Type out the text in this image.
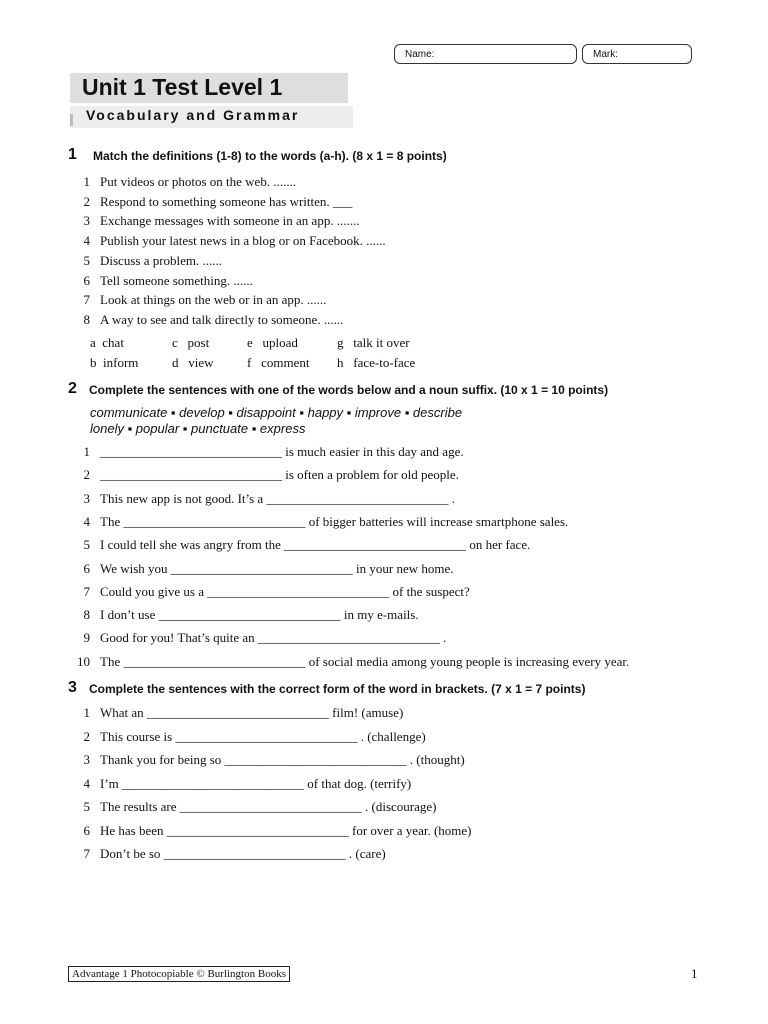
Name:	Mark:
Unit 1 Test Level 1
Vocabulary and Grammar
1 Match the definitions (1-8) to the words (a-h). (8 x 1 = 8 points)
1 Put videos or photos on the web. .......
2 Respond to something someone has written. ___
3 Exchange messages with someone in an app. .......
4 Publish your latest news in a blog or on Facebook. ......
5 Discuss a problem. ......
6 Tell someone something. ......
7 Look at things on the web or in an app. ......
8 A way to see and talk directly to someone. ......
a  chat	c   post	e   upload	g   talk it over
b  inform	d   view	f   comment h   face-to-face
2 Complete the sentences with one of the words below and a noun suffix. (10 x 1 = 10 points)
communicate ▪ develop ▪ disappoint ▪ happy ▪ improve ▪ describe
lonely ▪ popular ▪ punctuate ▪ express
1 ____________________________ is much easier in this day and age.
2 ____________________________ is often a problem for old people.
3 This new app is not good. It’s a ____________________________ .
4 The ____________________________ of bigger batteries will increase smartphone sales.
5 I could tell she was angry from the ____________________________ on her face.
6 We wish you ____________________________ in your new home.
7 Could you give us a ____________________________ of the suspect?
8 I don’t use ____________________________ in my e-mails.
9 Good for you! That’s quite an ____________________________ .
10 The ____________________________ of social media among young people is increasing every year.
3 Complete the sentences with the correct form of the word in brackets. (7 x 1 = 7 points)
1 What an ____________________________ film! (amuse)
2 This course is ____________________________ . (challenge)
3 Thank you for being so ____________________________ . (thought)
4 I’m ____________________________ of that dog. (terrify)
5 The results are ____________________________ . (discourage)
6 He has been ____________________________ for over a year. (home)
7 Don’t be so ____________________________ . (care)
Advantage 1 Photocopiable © Burlington Books	1
